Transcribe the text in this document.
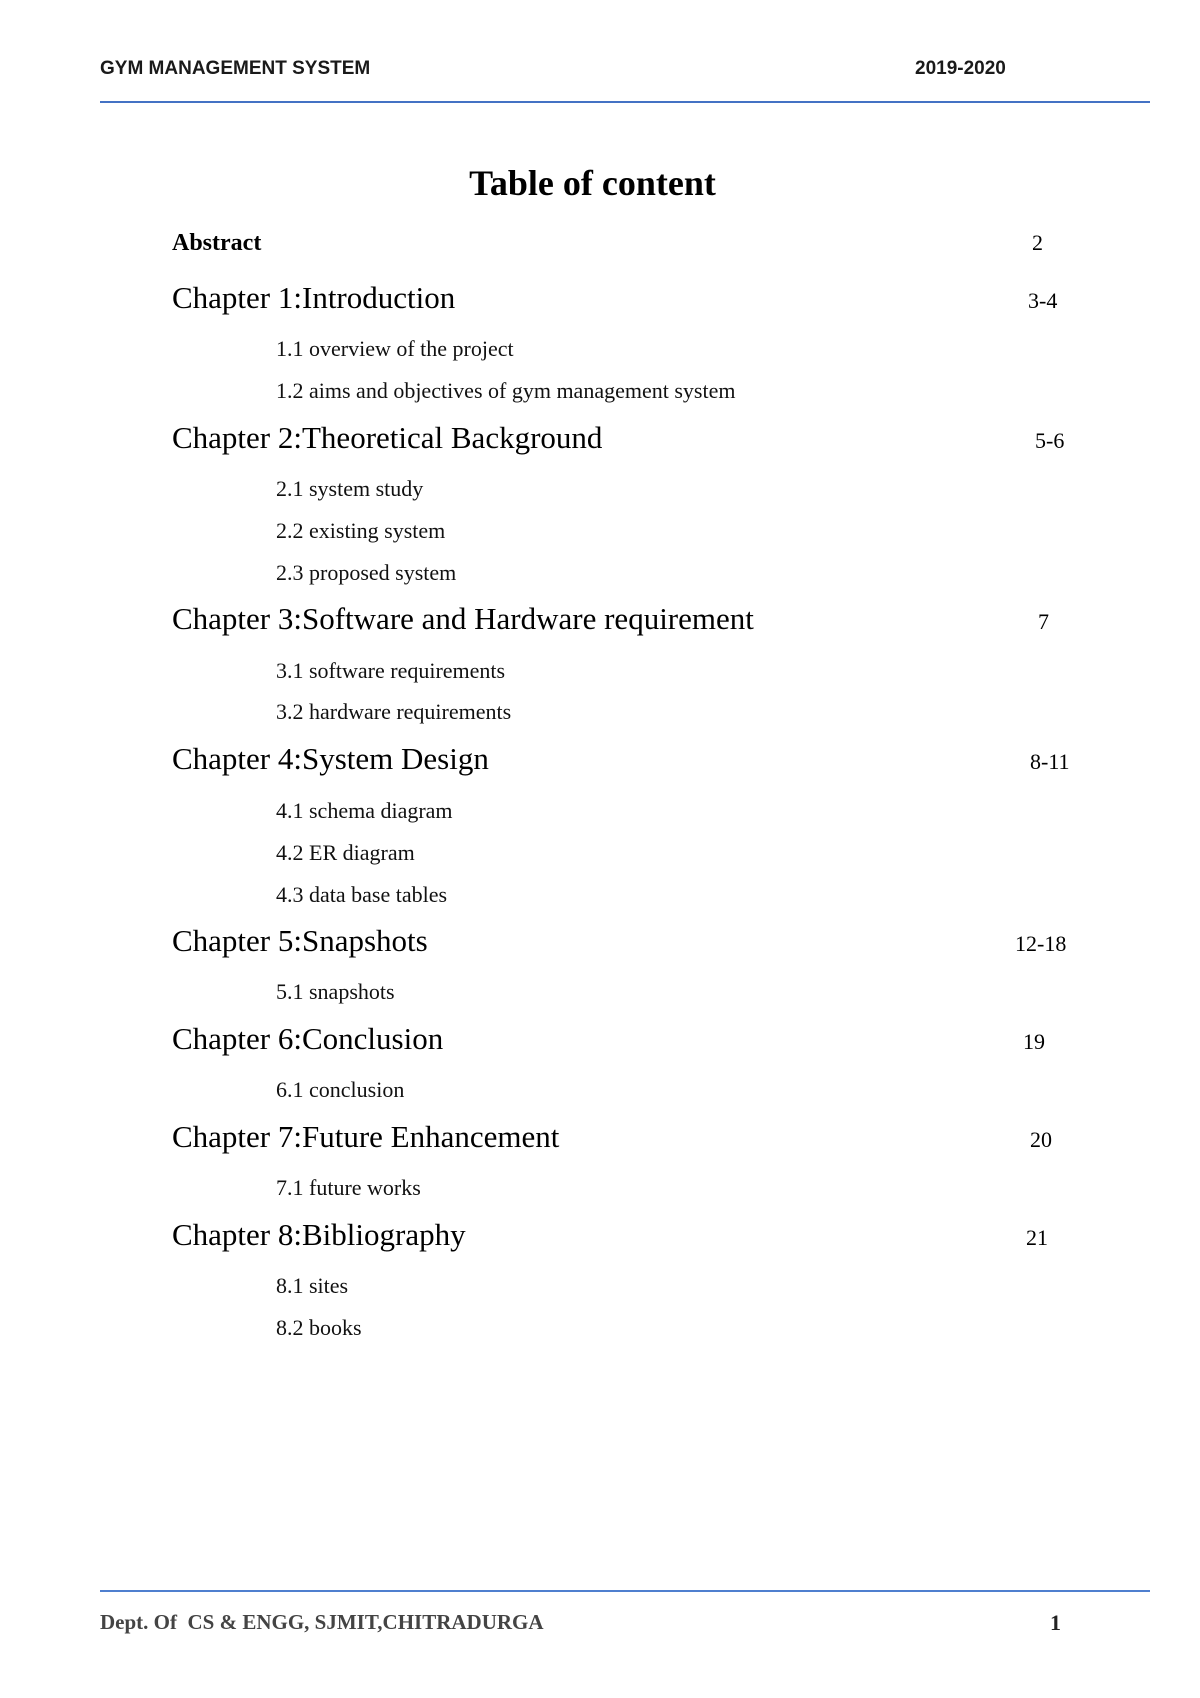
GYM MANAGEMENT SYSTEM	2019-2020
Table of content
Abstract	2
Chapter 1:Introduction	3-4
1.1 overview of the project
1.2 aims and objectives of gym management system
Chapter 2:Theoretical Background	5-6
2.1 system study
2.2 existing system
2.3 proposed system
Chapter 3:Software and Hardware requirement	7
3.1 software requirements
3.2 hardware requirements
Chapter 4:System Design	8-11
4.1 schema diagram
4.2 ER diagram
4.3 data base tables
Chapter 5:Snapshots	12-18
5.1 snapshots
Chapter 6:Conclusion	19
6.1 conclusion
Chapter 7:Future Enhancement	20
7.1 future works
Chapter 8:Bibliography	21
8.1 sites
8.2 books
Dept. Of  CS & ENGG, SJMIT,CHITRADURGA	1
